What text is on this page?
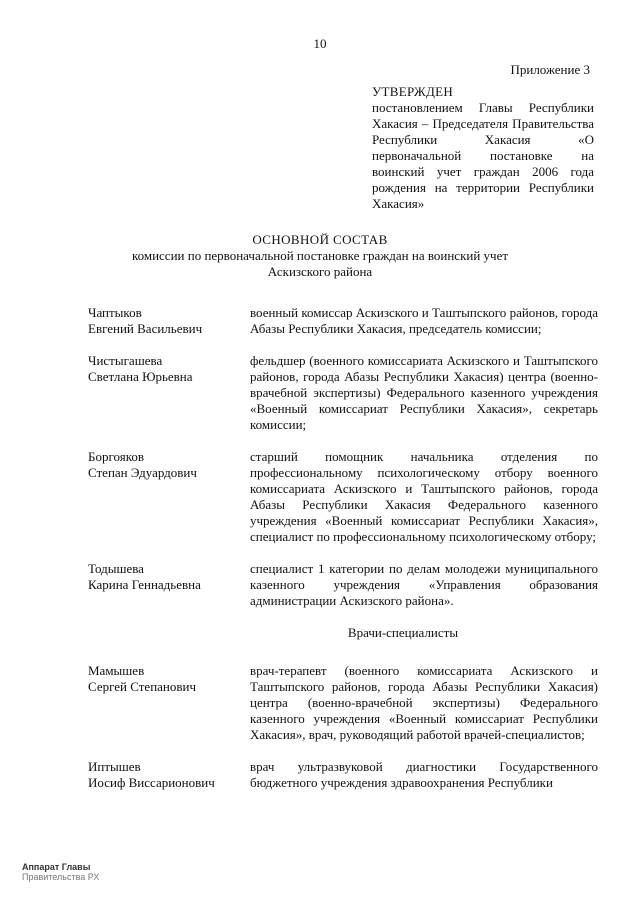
10
Приложение 3
УТВЕРЖДЕН
постановлением Главы Республики Хакасия – Председателя Правительства Республики Хакасия «О первоначальной постановке на воинский учет граждан 2006 года рождения на территории Республики Хакасия»
ОСНОВНОЙ СОСТАВ
комиссии по первоначальной постановке граждан на воинский учет
Аскизского района
Чаптыков
Евгений Васильевич
военный комиссар Аскизского и Таштыпского районов, города Абазы Республики Хакасия, председатель комиссии;
Чистыгашева
Светлана Юрьевна
фельдшер (военного комиссариата Аскизского и Таштыпского районов, города Абазы Республики Хакасия) центра (военно-врачебной экспертизы) Федерального казенного учреждения «Военный комиссариат Республики Хакасия», секретарь комиссии;
Боргояков
Степан Эдуардович
старший помощник начальника отделения по профессиональному психологическому отбору военного комиссариата Аскизского и Таштыпского районов, города Абазы Республики Хакасия Федерального казенного учреждения «Военный комиссариат Республики Хакасия», специалист по профессиональному психологическому отбору;
Тодышева
Карина Геннадьевна
специалист 1 категории по делам молодежи муниципального казенного учреждения «Управления образования администрации Аскизского района».
Врачи-специалисты
Мамышев
Сергей Степанович
врач-терапевт (военного комиссариата Аскизского и Таштыпского районов, города Абазы Республики Хакасия) центра (военно-врачебной экспертизы) Федерального казенного учреждения «Военный комиссариат Республики Хакасия», врач, руководящий работой врачей-специалистов;
Иптышев
Иосиф Виссарионович
врач ультразвуковой диагностики Государственного бюджетного учреждения здравоохранения Республики
Аппарат Главы
Правительства РХ
